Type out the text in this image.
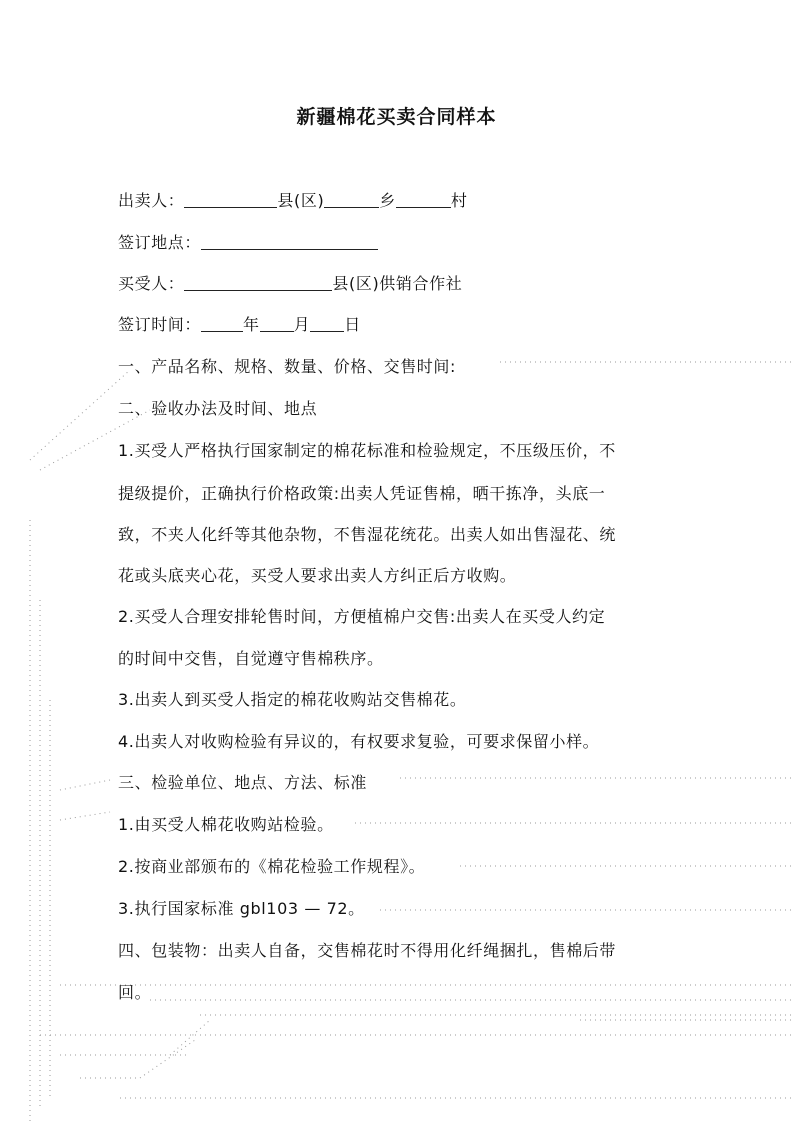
新疆棉花买卖合同样本
出卖人：	县(区)	乡	村
签订地点：
买受人：	县(区)供销合作社
签订时间：	年 月 日
一、产品名称、规格、数量、价格、交售时间:
二、验收办法及时间、地点
1.买受人严格执行国家制定的棉花标准和检验规定，不压级压价，不
提级提价，正确执行价格政策:出卖人凭证售棉，晒干拣净，头底一
致，不夹人化纤等其他杂物，不售湿花统花。出卖人如出售湿花、统
花或头底夹心花，买受人要求出卖人方纠正后方收购。
2.买受人合理安排轮售时间，方便植棉户交售:出卖人在买受人约定
的时间中交售，自觉遵守售棉秩序。
3.出卖人到买受人指定的棉花收购站交售棉花。
4.出卖人对收购检验有异议的，有权要求复验，可要求保留小样。
三、检验单位、地点、方法、标准
1.由买受人棉花收购站检验。
2.按商业部颁布的《棉花检验工作规程》。
3.执行国家标准 gbl103 — 72。
四、包装物：出卖人自备，交售棉花时不得用化纤绳捆扎，售棉后带
回。
